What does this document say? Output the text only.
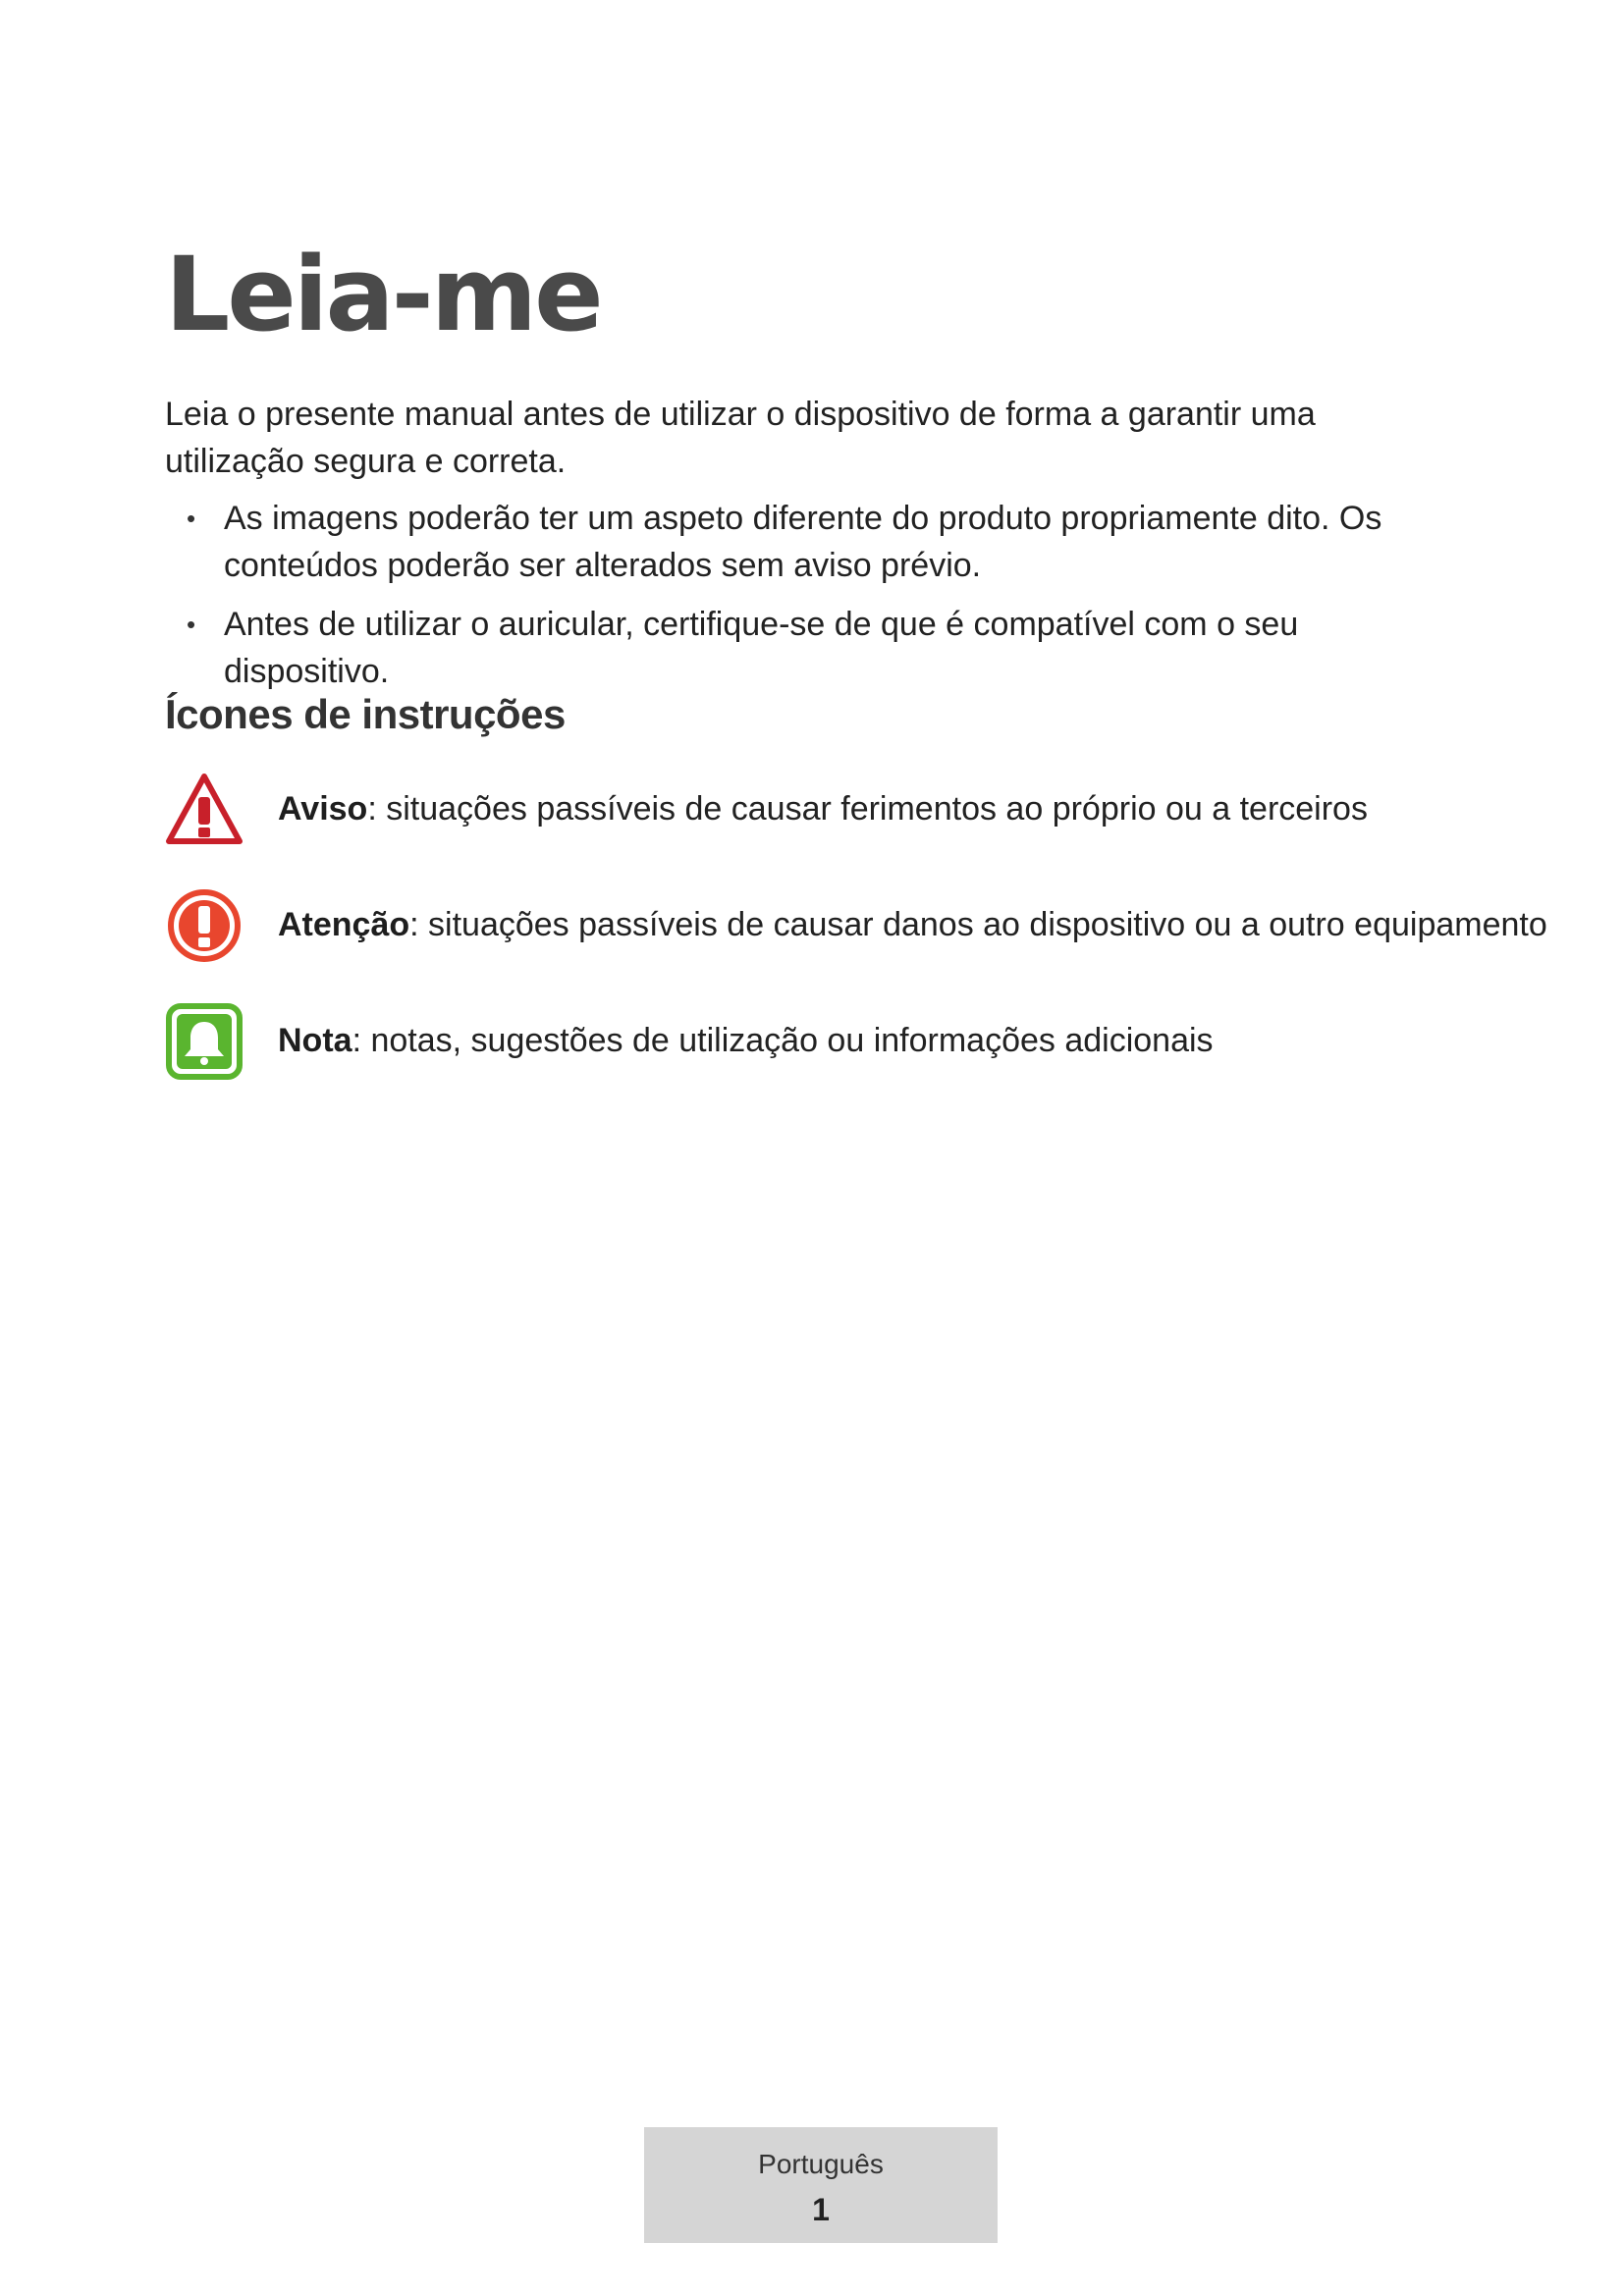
Leia-me

Leia o presente manual antes de utilizar o dispositivo de forma a garantir uma utilização segura e correta.

• As imagens poderão ter um aspeto diferente do produto propriamente dito. Os conteúdos poderão ser alterados sem aviso prévio.
• Antes de utilizar o auricular, certifique-se de que é compatível com o seu dispositivo.
Ícones de instruções
Aviso: situações passíveis de causar ferimentos ao próprio ou a terceiros
Atenção: situações passíveis de causar danos ao dispositivo ou a outro equipamento
Nota: notas, sugestões de utilização ou informações adicionais
Português
1
